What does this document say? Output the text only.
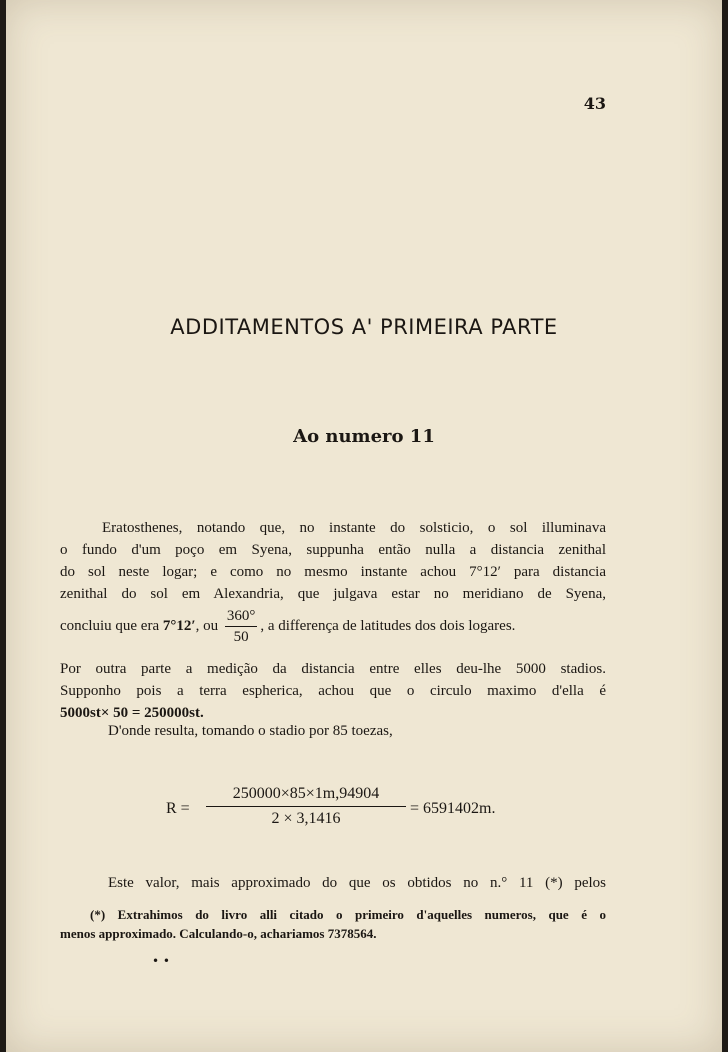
43
ADDITAMENTOS A' PRIMEIRA PARTE
Ao numero 11
Eratosthenes, notando que, no instante do solsticio, o sol illuminava
o fundo d'um poço em Syena, suppunha então nulla a distancia zenithal
do sol neste logar; e como no mesmo instante achou 7°12′ para distancia
zenithal do sol em Alexandria, que julgava estar no meridiano de Syena,
concluiu que era 7°12′, ou $\frac{360^\circ}{50}$ , a differença de latitudes dos dois logares.
Por outra parte a medição da distancia entre elles deu-lhe 5000 stadios.
Supponho pois a terra espherica, achou que o circulo maximo d'ella é
5000st× 50 = 250000st.
D'onde resulta, tomando o stadio por 85 toezas,
$R = \frac{250000\times 85\times 1m,94904}{2 \times 3,1416} = 6591402m$.
Este valor, mais approximado do que os obtidos no n.° 11 (*) pelos
(*) Extrahimos do livro alli citado o primeiro d'aquelles numeros, que é o
menos approximado. Calculando-o, achariamos 7378564.
• •
